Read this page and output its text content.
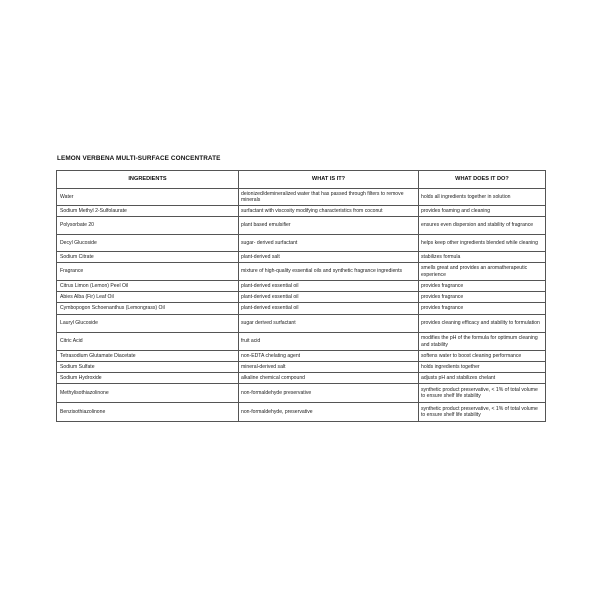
LEMON VERBENA MULTI-SURFACE CONCENTRATE
INGREDIENTS	WHAT IS IT?	WHAT DOES IT DO?
Water	deionized/demineralized water that has passed through filters to remove minerals	holds all ingredients together in solution
Sodium Methyl 2-Sulfolaurate	surfactant with viscosity modifying characteristics from coconut	provides foaming and cleaning
Polysorbate 20	plant based emulsifier	ensures even dispersion and stability of fragrance
Decyl Glucoside	sugar- derived surfactant	helps keep other ingredients blended while cleaning
Sodium Citrate	plant-derived salt	stabilizes formula
Fragrance	mixture of high-quality essential oils and synthetic fragrance ingredients	smells great and provides an aromatherapeutic experience
Citrus Limon (Lemon) Peel Oil	plant-derived essential oil	provides fragrance
Abies Alba (Fir) Leaf Oil	plant-derived essential oil	provides fragrance
Cymbopogon Schoenanthus (Lemongrass) Oil	plant-derived essential oil	provides fragrance
Lauryl Glucoside	sugar derived surfactant	provides cleaning efficacy and stability to formulation
Citric Acid	fruit acid	modifies the pH of the formula for optimum cleaning and stability
Tetrasodium Glutamate Diacetate	non-EDTA chelating agent	softens water to boost cleaning performance
Sodium Sulfate	mineral-derived salt	holds ingredients together
Sodium Hydroxide	alkaline chemical compound	adjusts pH and stabilizes chelant
Methylisothiazolinone	non-formaldehyde preservative	synthetic product preservative, < 1% of total volume to ensure shelf life stability
Benzisothiazolinone	non-formaldehyde, preservative	synthetic product preservative, < 1% of total volume to ensure shelf life stability
